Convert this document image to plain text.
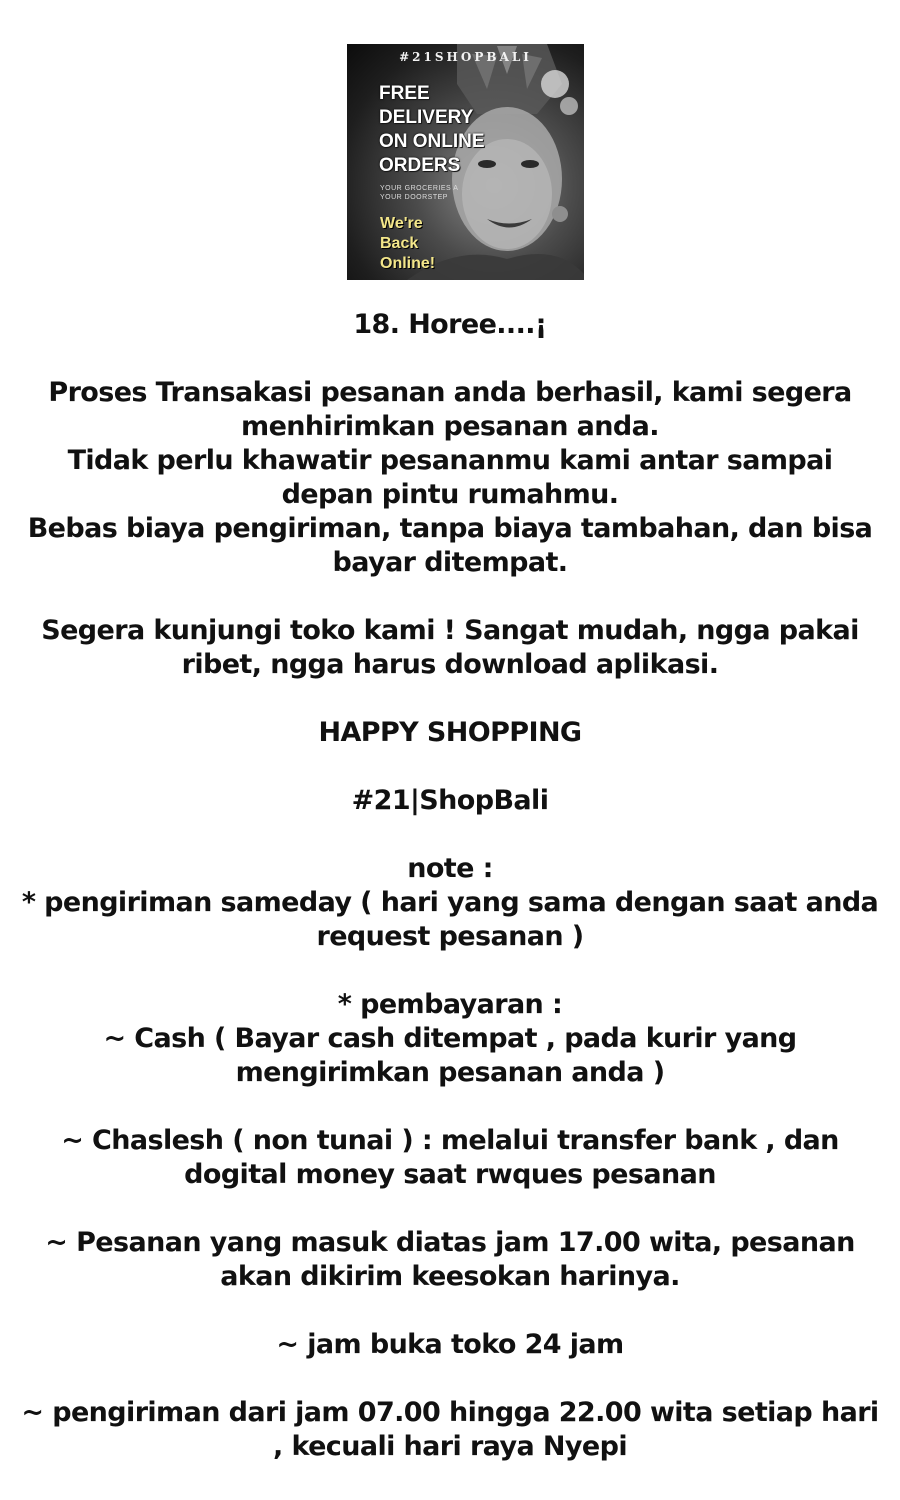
#21SHOPBALI
FREE
DELIVERY
ON ONLINE
ORDERS
YOUR GROCERIES A
YOUR DOORSTEP
We're
Back
Online!

18. Horee....¡

Proses Transakasi pesanan anda berhasil, kami segera menhirimkan pesanan anda.

Tidak perlu khawatir pesananmu kami antar sampai depan pintu rumahmu.

Bebas biaya pengiriman, tanpa biaya tambahan, dan bisa bayar ditempat.

Segera kunjungi toko kami ! Sangat mudah, ngga pakai ribet, ngga harus download aplikasi.

HAPPY SHOPPING

#21|ShopBali

note :

* pengiriman sameday ( hari yang sama dengan saat anda request pesanan )

* pembayaran :

~ Cash ( Bayar cash ditempat , pada kurir yang mengirimkan pesanan anda )

~ Chaslesh ( non tunai ) : melalui transfer bank , dan dogital money saat rwques pesanan

~ Pesanan yang masuk diatas jam 17.00 wita, pesanan akan dikirim keesokan harinya.

~ jam buka toko 24 jam

~ pengiriman dari jam 07.00 hingga 22.00 wita setiap hari , kecuali hari raya Nyepi
